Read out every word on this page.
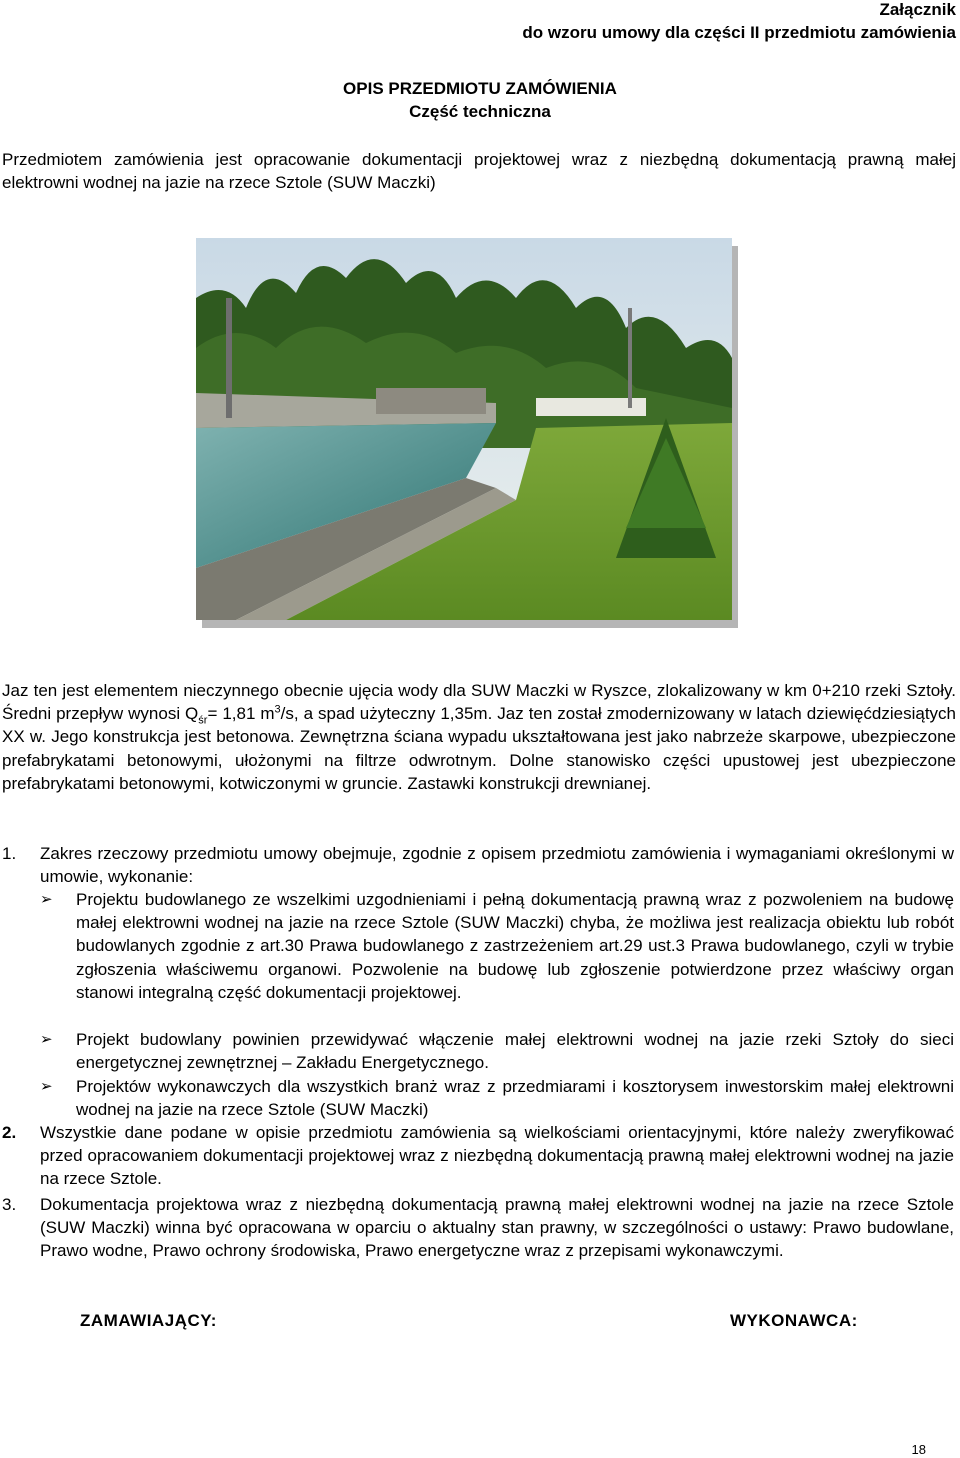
Załącznik
do wzoru umowy dla części II przedmiotu zamówienia
OPIS PRZEDMIOTU ZAMÓWIENIA
Część techniczna

Przedmiotem zamówienia jest opracowanie dokumentacji projektowej wraz z niezbędną dokumentacją prawną małej elektrowni wodnej na jazie na rzece Sztole (SUW Maczki)

Jaz ten jest elementem nieczynnego obecnie ujęcia wody dla SUW Maczki w Ryszce, zlokalizowany w km 0+210 rzeki Sztoły. Średni przepływ wynosi $Q_{śr}= 1,81$ $m^3/s$, a spad użyteczny 1,35m. Jaz ten został zmodernizowany w latach dziewięćdziesiątych XX w. Jego konstrukcja jest betonowa. Zewnętrzna ściana wypadu ukształtowana jest jako nabrzeże skarpowe, ubezpieczone prefabrykatami betonowymi, ułożonymi na filtrze odwrotnym. Dolne stanowisko części upustowej jest ubezpieczone prefabrykatami betonowymi, kotwiczonymi w gruncie. Zastawki konstrukcji drewnianej.

1. Zakres rzeczowy przedmiotu umowy obejmuje, zgodnie z opisem przedmiotu zamówienia i wymaganiami określonymi w umowie, wykonanie:

➢ Projektu budowlanego ze wszelkimi uzgodnieniami i pełną dokumentacją prawną wraz z pozwoleniem na budowę małej elektrowni wodnej na jazie na rzece Sztole (SUW Maczki) chyba, że możliwa jest realizacja obiektu lub robót budowlanych zgodnie z art.30 Prawa budowlanego z zastrzeżeniem art.29 ust.3 Prawa budowlanego, czyli w trybie zgłoszenia właściwemu organowi. Pozwolenie na budowę lub zgłoszenie potwierdzone przez właściwy organ stanowi integralną część dokumentacji projektowej.

➢ Projekt budowlany powinien przewidywać włączenie małej elektrowni wodnej na jazie rzeki Sztoły do sieci energetycznej zewnętrznej – Zakładu Energetycznego.

➢ Projektów wykonawczych dla wszystkich branż wraz z przedmiarami i kosztorysem inwestorskim małej elektrowni wodnej na jazie na rzece Sztole (SUW Maczki)

2. Wszystkie dane podane w opisie przedmiotu zamówienia są wielkościami orientacyjnymi, które należy zweryfikować przed opracowaniem dokumentacji projektowej wraz z niezbędną dokumentacją prawną małej elektrowni wodnej na jazie na rzece Sztole.

3. Dokumentacja projektowa wraz z niezbędną dokumentacją prawną małej elektrowni wodnej na jazie na rzece Sztole (SUW Maczki) winna być opracowana w oparciu o aktualny stan prawny, w szczególności o ustawy: Prawo budowlane, Prawo wodne, Prawo ochrony środowiska, Prawo energetyczne wraz z przepisami wykonawczymi.

ZAMAWIAJĄCY:	WYKONAWCA:
18
